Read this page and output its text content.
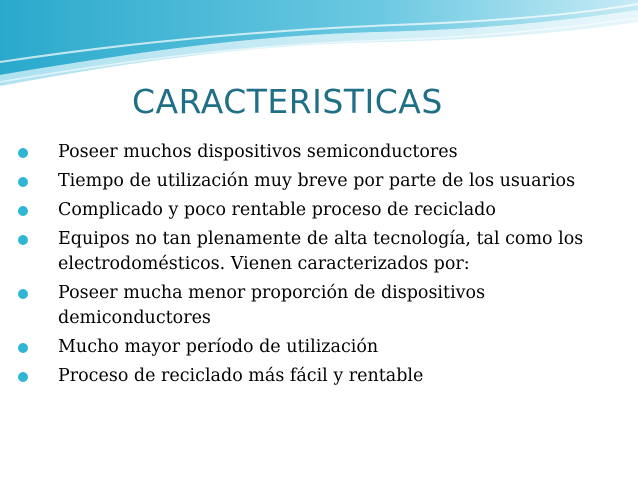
CARACTERISTICAS
Poseer muchos dispositivos semiconductores
Tiempo de utilización muy breve por parte de los usuarios
Complicado y poco rentable proceso de reciclado
Equipos no tan plenamente de alta tecnología, tal como los electrodomésticos. Vienen caracterizados por:
Poseer mucha menor proporción de dispositivos demiconductores
Mucho mayor período de utilización
Proceso de reciclado más fácil y rentable
